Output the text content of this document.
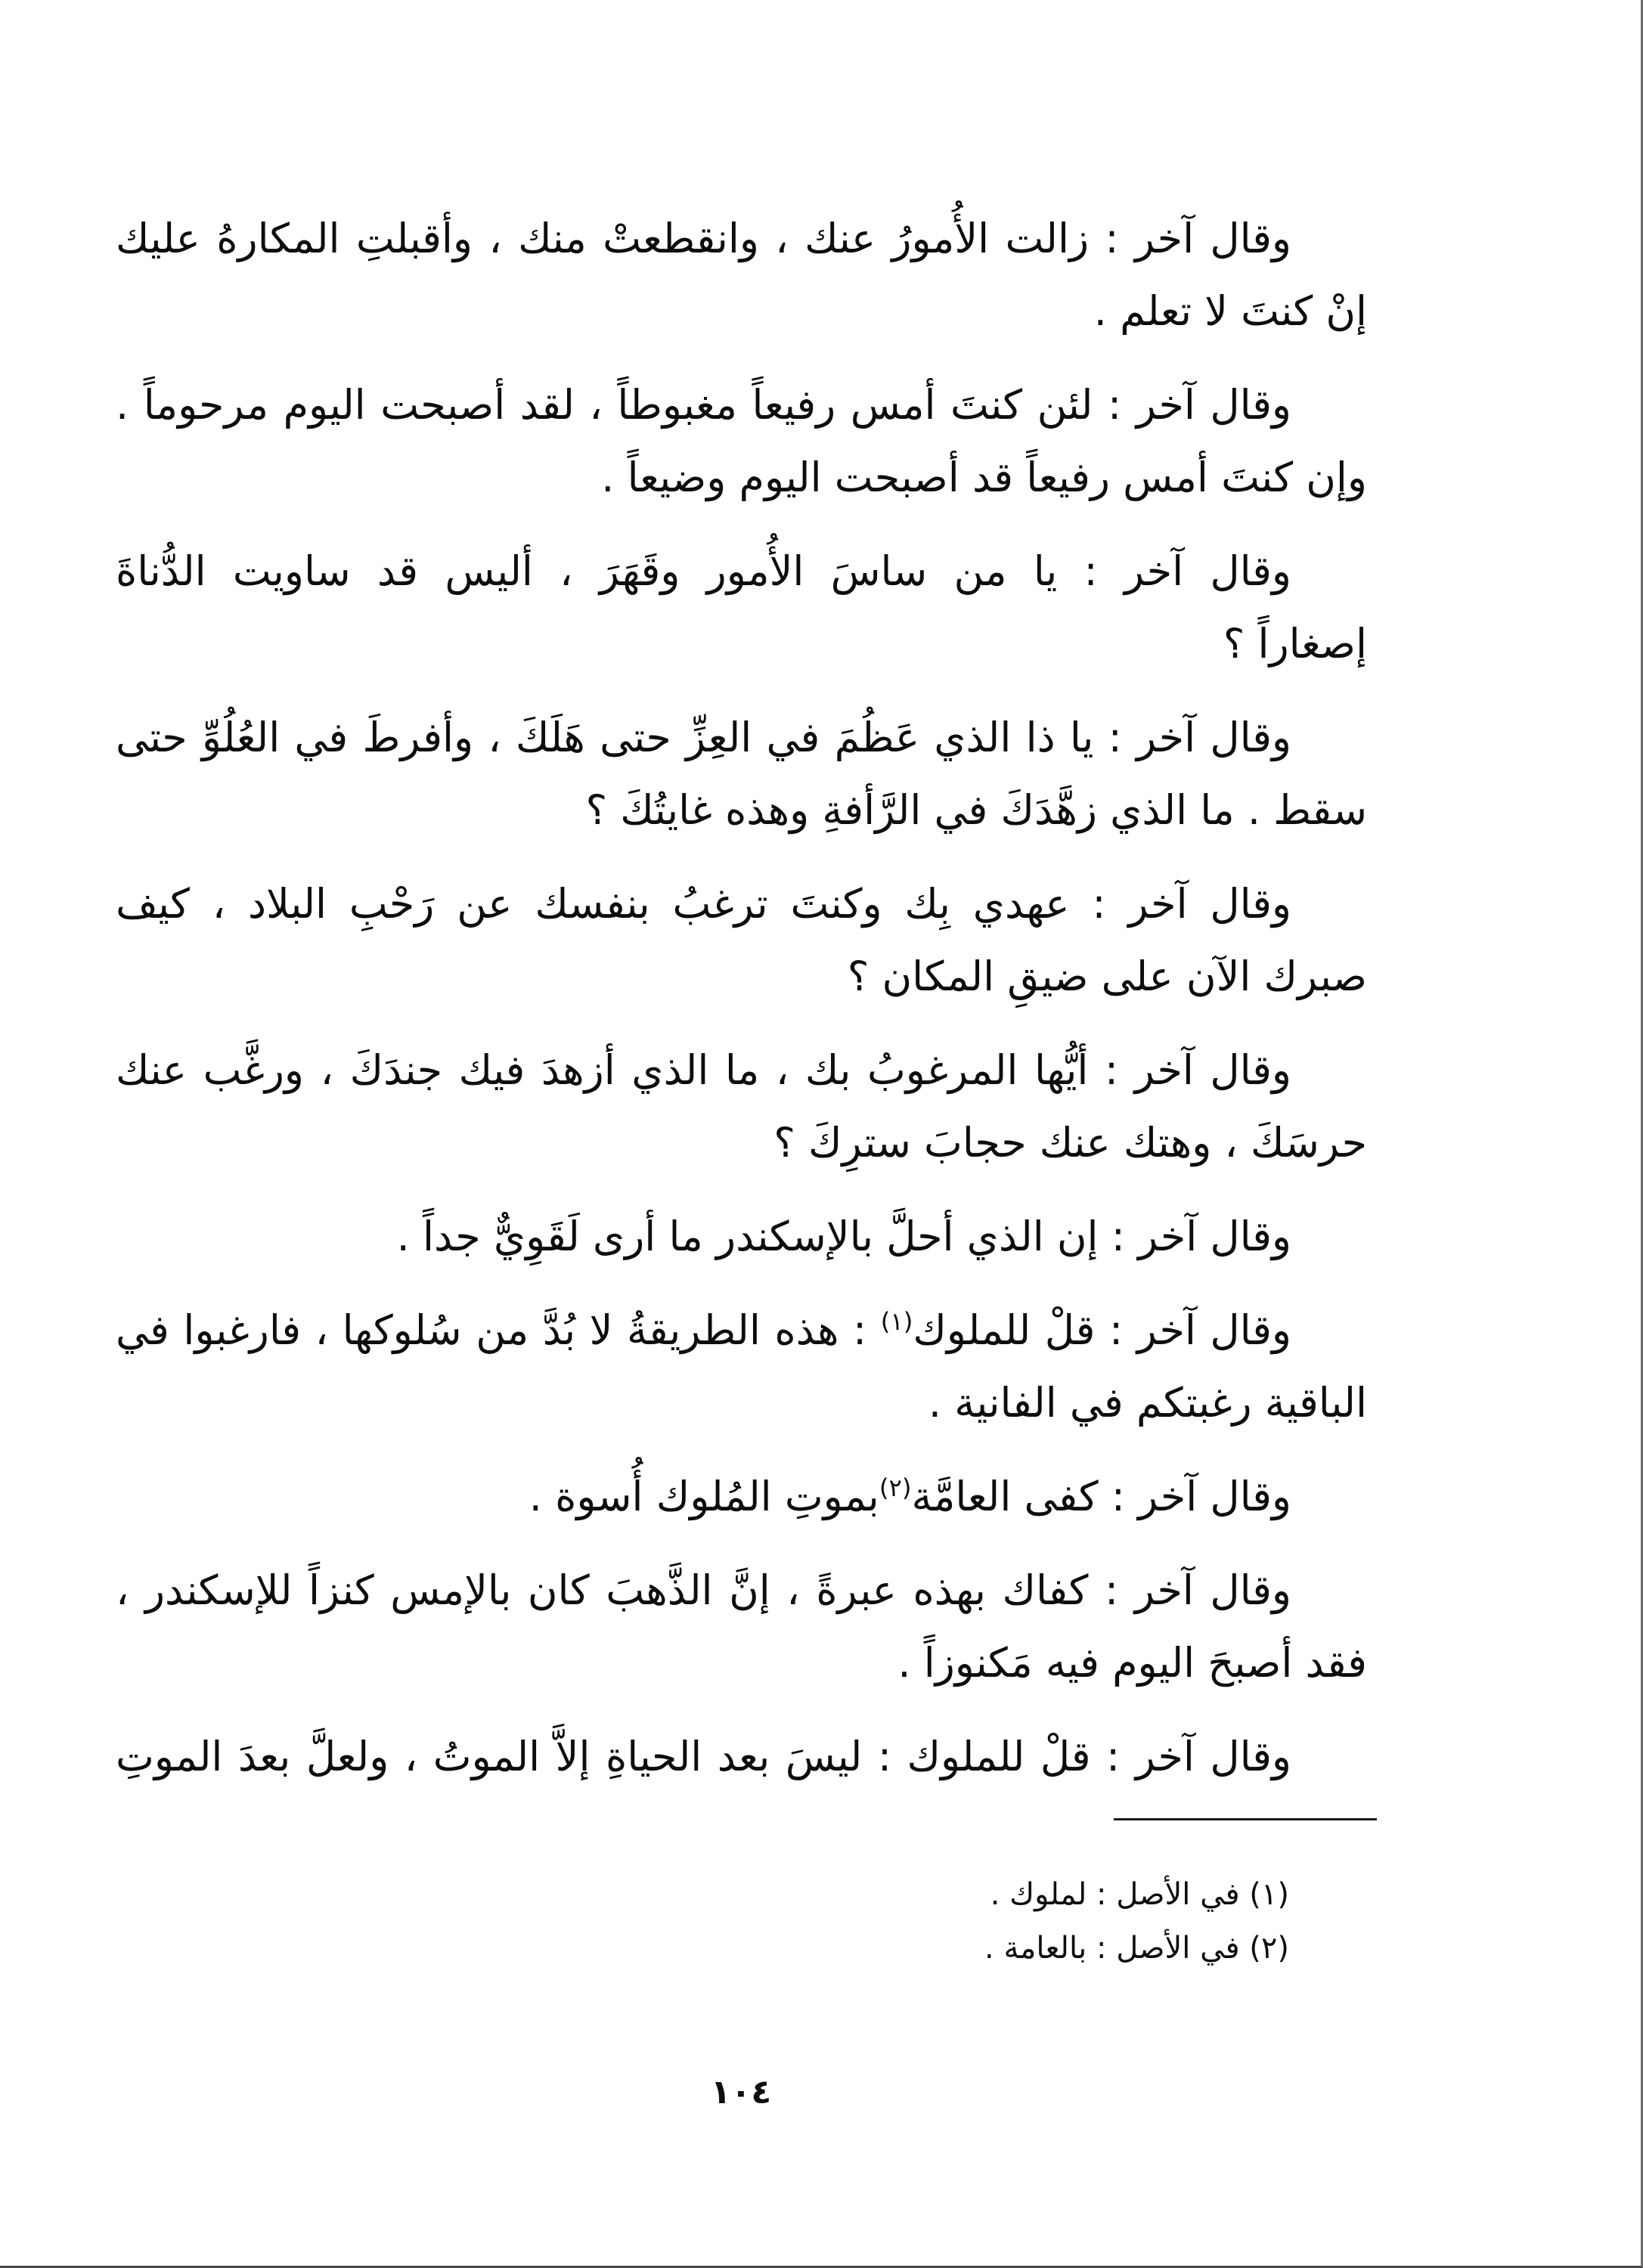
وقال آخر : زالت الأُمورُ عنك ، وانقطعتْ منك ، وأقبلتِ المكارهُ عليك
إنْ كنتَ لا تعلم .
وقال آخر : لئن كنتَ أمس رفيعاً مغبوطاً ، لقد أصبحت اليوم مرحوماً .
وإن كنتَ أمس رفيعاً قد أصبحت اليوم وضيعاً .
وقال آخر : يا من ساسَ الأُمور وقَهَرَ ، أليس قد ساويت الدُّناةَ
إصغاراً ؟
وقال آخر : يا ذا الذي عَظُمَ في العِزِّ حتى هَلَكَ ، وأفرطَ في العُلُوِّ حتى
سقط . ما الذي زهَّدَكَ في الرَّأفةِ وهذه غايتُكَ ؟
وقال آخر : عهدي بِك وكنتَ ترغبُ بنفسك عن رَحْبِ البلاد ، كيف
صبرك الآن على ضيقِ المكان ؟
وقال آخر : أيُّها المرغوبُ بك ، ما الذي أزهدَ فيك جندَكَ ، ورغَّب عنك
حرسَكَ ، وهتك عنك حجابَ سترِكَ ؟
وقال آخر : إن الذي أحلَّ بالإسكندر ما أرى لَقَوِيٌّ جداً .
وقال آخر : قلْ للملوك$^{(١)}$ : هذه الطريقةُ لا بُدَّ من سُلوكها ، فارغبوا في
الباقية رغبتكم في الفانية .
وقال آخر : كفى العامَّة$^{(٢)}$بموتِ المُلوك أُسوة .
وقال آخر : كفاك بهذه عبرةً ، إنَّ الذَّهبَ كان بالإمس كنزاً للإسكندر ،
فقد أصبحَ اليوم فيه مَكنوزاً .
وقال آخر : قلْ للملوك : ليسَ بعد الحياةِ إلاَّ الموتُ ، ولعلَّ بعدَ الموتِ
(١) في الأصل : لملوك .
(٢) في الأصل : بالعامة .
١٠٤
